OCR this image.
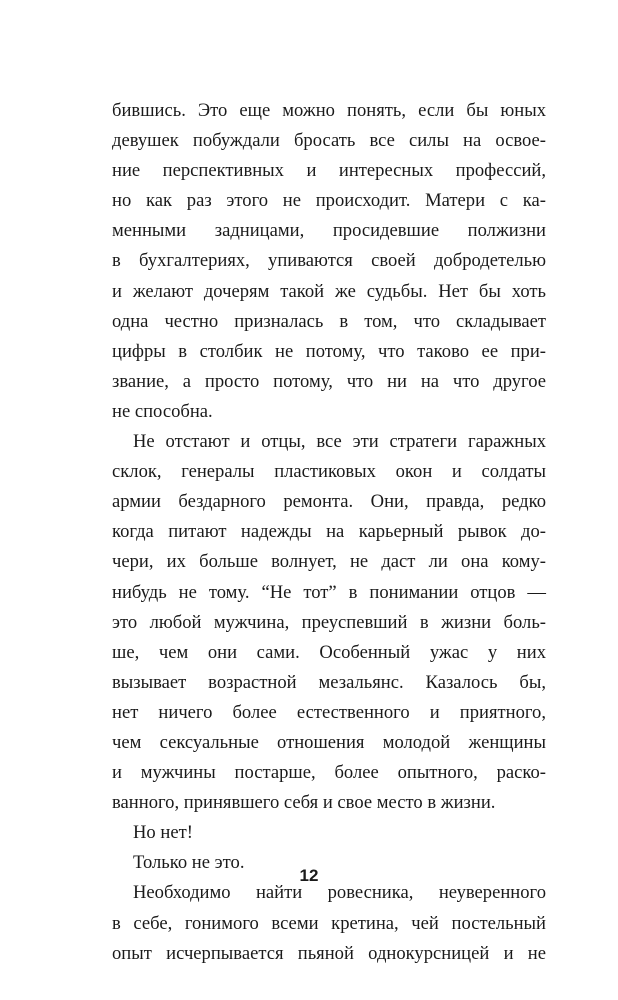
бившись. Это еще можно понять, если бы юных
девушек побуждали бросать все силы на освое-
ние перспективных и интересных профессий,
но как раз этого не происходит. Матери с ка-
менными задницами, просидевшие полжизни
в бухгалтериях, упиваются своей добродетелью
и желают дочерям такой же судьбы. Нет бы хоть
одна честно призналась в том, что складывает
цифры в столбик не потому, что таково ее при-
звание, а просто потому, что ни на что другое
не способна.
Не отстают и отцы, все эти стратеги гаражных
склок, генералы пластиковых окон и солдаты
армии бездарного ремонта. Они, правда, редко
когда питают надежды на карьерный рывок до-
чери, их больше волнует, не даст ли она кому-
нибудь не тому. “Не тот” в понимании отцов —
это любой мужчина, преуспевший в жизни боль-
ше, чем они сами. Особенный ужас у них
вызывает возрастной мезальянс. Казалось бы,
нет ничего более естественного и приятного,
чем сексуальные отношения молодой женщины
и мужчины постарше, более опытного, раско-
ванного, принявшего себя и свое место в жизни.
Но нет!
Только не это.
Необходимо найти ровесника, неуверенного
в себе, гонимого всеми кретина, чей постельный
опыт исчерпывается пьяной однокурсницей и не
12
